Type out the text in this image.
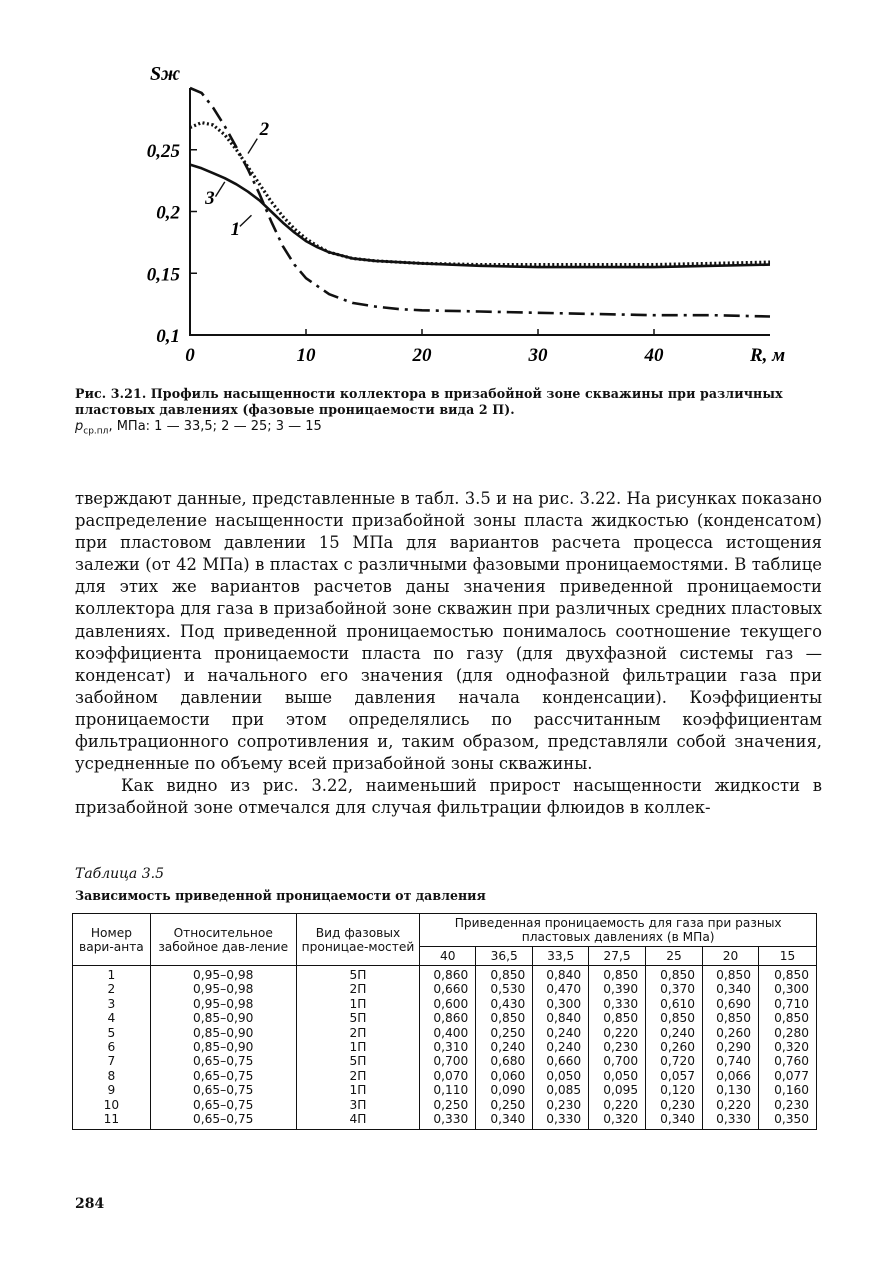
0,1
0,15
0,2
0,25
0	10	20	30	40
Sж
R, м
1
2
3
Рис. 3.21. Профиль насыщенности коллектора в призабойной зоне скважины при различных пластовых давлениях (фазовые проницаемости вида 2 П).
$p_{ср.пл}$, МПа: 1 — 33,5; 2 — 25; 3 — 15

тверждают данные, представленные в табл. 3.5 и на рис. 3.22. На рисунках показано распределение насыщенности призабойной зоны пласта жидкостью (конденсатом) при пластовом давлении 15 МПа для вариантов расчета процесса истощения залежи (от 42 МПа) в пластах с различными фазовыми проницаемостями. В таблице для этих же вариантов расчетов даны значения приведенной проницаемости коллектора для газа в призабойной зоне скважин при различных средних пластовых давлениях. Под приведенной проницаемостью понималось соотношение текущего коэффициента проницаемости пласта по газу (для двухфазной системы газ — конденсат) и начального его значения (для однофазной фильтрации газа при забойном давлении выше давления начала конденсации). Коэффициенты проницаемости при этом определялись по рассчитанным коэффициентам фильтрационного сопротивления и, таким образом, представляли собой значения, усредненные по объему всей призабойной зоны скважины.

Как видно из рис. 3.22, наименьший прирост насыщенности жидкости в призабойной зоне отмечался для случая фильтрации флюидов в коллек-

Таблица 3.5
Зависимость приведенной проницаемости от давления
Номер вари-анта	Относительное забойное дав-ление	Вид фазовых проницае-мостей	Приведенная проницаемость для газа при разных пластовых давлениях (в МПа)						
			40	36,5	33,5	27,5	25	20	15
1	0,95–0,98	5П	0,860	0,850	0,840	0,850	0,850	0,850	0,850
2	0,95–0,98	2П	0,660	0,530	0,470	0,390	0,370	0,340	0,300
3	0,95–0,98	1П	0,600	0,430	0,300	0,330	0,610	0,690	0,710
4	0,85–0,90	5П	0,860	0,850	0,840	0,850	0,850	0,850	0,850
5	0,85–0,90	2П	0,400	0,250	0,240	0,220	0,240	0,260	0,280
6	0,85–0,90	1П	0,310	0,240	0,240	0,230	0,260	0,290	0,320
7	0,65–0,75	5П	0,700	0,680	0,660	0,700	0,720	0,740	0,760
8	0,65–0,75	2П	0,070	0,060	0,050	0,050	0,057	0,066	0,077
9	0,65–0,75	1П	0,110	0,090	0,085	0,095	0,120	0,130	0,160
10	0,65–0,75	3П	0,250	0,250	0,230	0,220	0,230	0,220	0,230
11	0,65–0,75	4П	0,330	0,340	0,330	0,320	0,340	0,330	0,350
284
